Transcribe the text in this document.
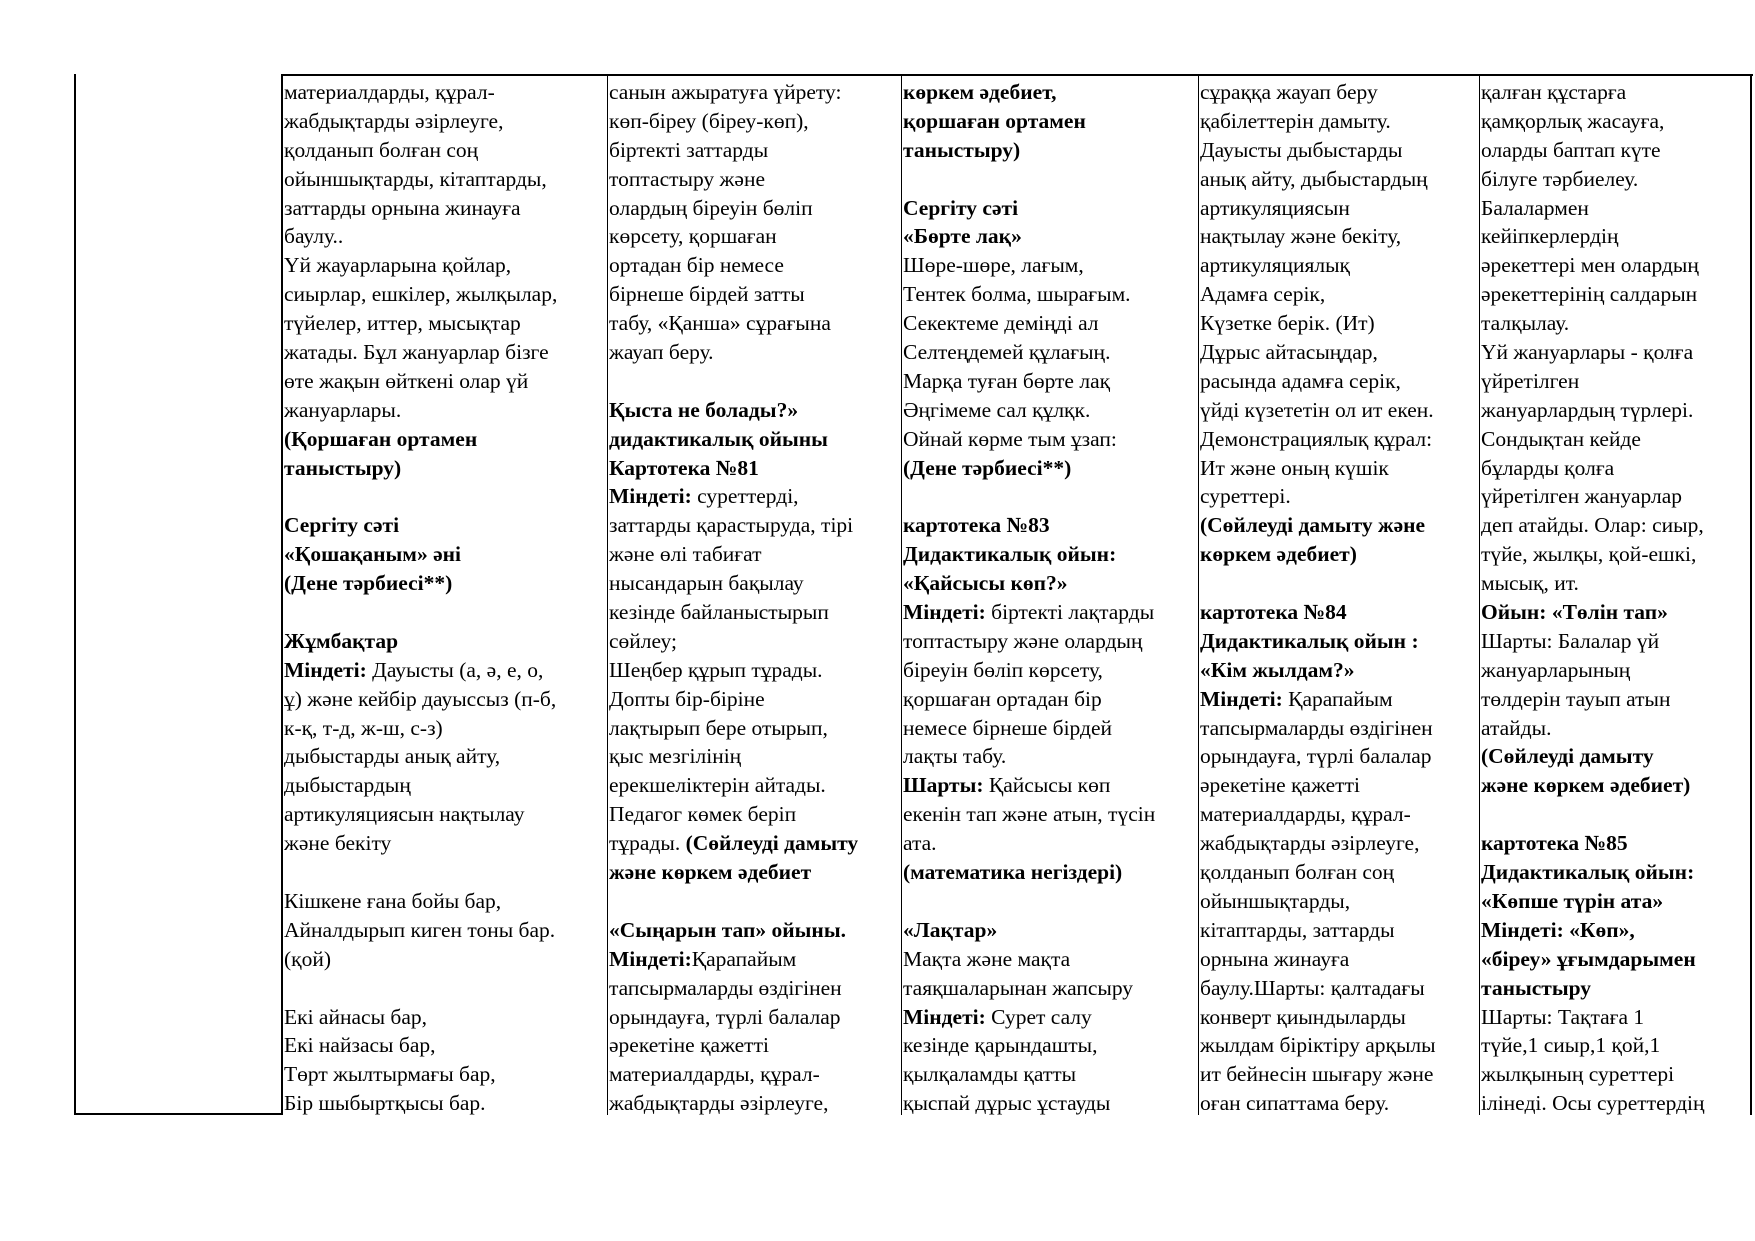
материалдарды, құрал-
жабдықтарды әзірлеуге,
қолданып болған соң
ойыншықтарды, кітаптарды,
заттарды орнына жинауға
баулу..
Үй жауарларына қойлар,
сиырлар, ешкілер, жылқылар,
түйелер, иттер, мысықтар
жатады. Бұл жануарлар бізге
өте жақын өйткені олар үй
жануарлары.
(Қоршаған ортамен
таныстыру)
Сергіту сәті
«Қошақаным» әні
(Дене тәрбиесі**)
Жұмбақтар
Міндеті: Дауысты (а, ә, е, о,
ұ) және кейбір дауыссыз (п-б,
к-қ, т-д, ж-ш, с-з)
дыбыстарды анық айту,
дыбыстардың
артикуляциясын нақтылау
және бекіту
Кішкене ғана бойы бар,
Айналдырып киген тоны бар.
(қой)
Екі айнасы бар,
Екі найзасы бар,
Төрт жылтырмағы бар,
Бір шыбыртқысы бар.
санын ажыратуға үйрету:
көп-біреу (біреу-көп),
біртекті заттарды
топтастыру және
олардың біреуін бөліп
көрсету, қоршаған
ортадан бір немесе
бірнеше бірдей затты
табу, «Қанша» сұрағына
жауап беру.
Қыста не болады?»
дидактикалық ойыны
Картотека №81
Міндеті: суреттерді,
заттарды қарастыруда, тірі
және өлі табиғат
нысандарын бақылау
кезінде байланыстырып
сөйлеу;
Шеңбер құрып тұрады.
Допты бір-біріне
лақтырып бере отырып,
қыс мезгілінің
ерекшеліктерін айтады.
Педагог көмек беріп
тұрады. (Сөйлеуді дамыту
және көркем әдебиет
«Сыңарын тап» ойыны.
Міндеті:Қарапайым
тапсырмаларды өздігінен
орындауға, түрлі балалар
әрекетіне қажетті
материалдарды, құрал-
жабдықтарды әзірлеуге,
көркем әдебиет,
қоршаған ортамен
таныстыру)
Сергіту сәті
«Бөрте лақ»
Шөре-шөре, лағым,
Тентек болма, шырағым.
Секектеме деміңді ал
Селтеңдемей құлағың.
Марқа туған бөрте лақ
Әңгімеме сал құлқк.
Ойнай көрме тым ұзап:
(Дене тәрбиесі**)
картотека №83
Дидактикалық ойын:
«Қайсысы көп?»
Міндеті: біртекті лақтарды
топтастыру және олардың
біреуін бөліп көрсету,
қоршаған ортадан бір
немесе бірнеше бірдей
лақты табу.
Шарты: Қайсысы көп
екенін тап және атын, түсін
ата.
(математика негіздері)
«Лақтар»
Мақта және мақта
таяқшаларынан жапсыру
Міндеті: Сурет салу
кезінде қарындашты,
қылқаламды қатты
қыспай дұрыс ұстауды
сұраққа жауап беру
қабілеттерін дамыту.
Дауысты дыбыстарды
анық айту, дыбыстардың
артикуляциясын
нақтылау және бекіту,
артикуляциялық
Адамға серік,
Күзетке берік. (Ит)
Дұрыс айтасыңдар,
расында адамға серік,
үйді күзететін ол ит екен.
Демонстрациялық құрал:
Ит және оның күшік
суреттері.
(Сөйлеуді дамыту және
көркем әдебиет)
картотека №84
Дидактикалық ойын :
«Кім жылдам?»
Міндеті: Қарапайым
тапсырмаларды өздігінен
орындауға, түрлі балалар
әрекетіне қажетті
материалдарды, құрал-
жабдықтарды әзірлеуге,
қолданып болған соң
ойыншықтарды,
кітаптарды, заттарды
орнына жинауға
баулу.Шарты: қалтадағы
конверт қиындыларды
жылдам біріктіру арқылы
ит бейнесін шығару және
оған сипаттама беру.
қалған құстарға
қамқорлық жасауға,
оларды баптап күте
білуге тәрбиелеу.
Балалармен
кейіпкерлердің
әрекеттері мен олардың
әрекеттерінің салдарын
талқылау.
Үй жануарлары - қолға
үйретілген
жануарлардың түрлері.
Сондықтан кейде
бұларды қолға
үйретілген жануарлар
деп атайды. Олар: сиыр,
түйе, жылқы, қой-ешкі,
мысық, ит.
Ойын: «Төлін тап»
Шарты: Балалар үй
жануарларының
төлдерін тауып атын
атайды.
(Сөйлеуді дамыту
және көркем әдебиет)
картотека №85
Дидактикалық ойын:
«Көпше түрін ата»
Міндеті: «Көп»,
«біреу» ұғымдарымен
таныстыру
Шарты: Тақтаға 1
түйе,1 сиыр,1 қой,1
жылқының суреттері
ілінеді. Осы суреттердің
